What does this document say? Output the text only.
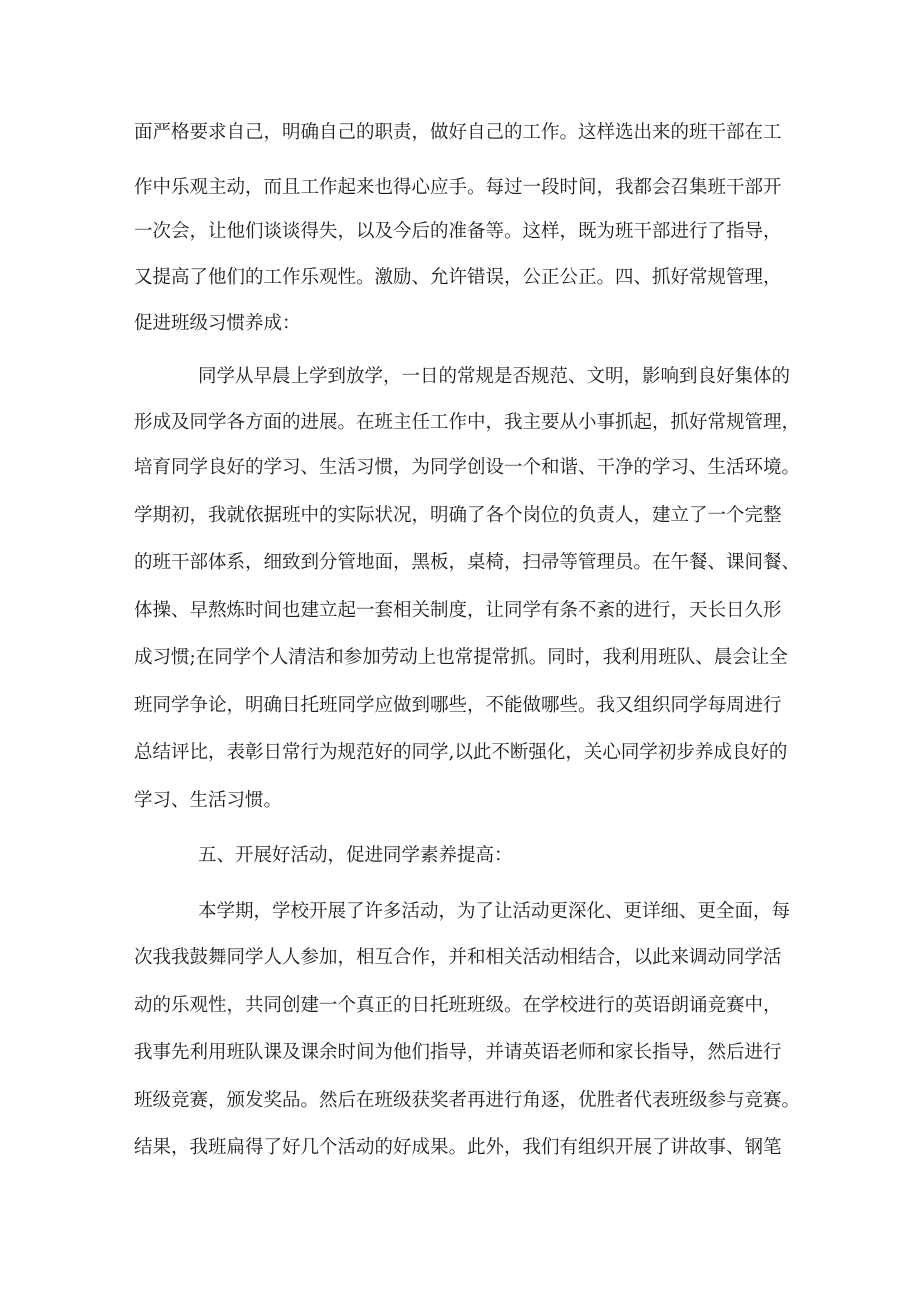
面严格要求自己，明确自己的职责，做好自己的工作。这样选出来的班干部在工
作中乐观主动，而且工作起来也得心应手。每过一段时间，我都会召集班干部开
一次会，让他们谈谈得失，以及今后的准备等。这样，既为班干部进行了指导，
又提高了他们的工作乐观性。激励、允许错误，公正公正。四、抓好常规管理，
促进班级习惯养成：
同学从早晨上学到放学，一日的常规是否规范、文明，影响到良好集体的
形成及同学各方面的进展。在班主任工作中，我主要从小事抓起，抓好常规管理，
培育同学良好的学习、生活习惯，为同学创设一个和谐、干净的学习、生活环境。
学期初，我就依据班中的实际状况，明确了各个岗位的负责人，建立了一个完整
的班干部体系，细致到分管地面，黑板，桌椅，扫帚等管理员。在午餐、课间餐、
体操、早熬炼时间也建立起一套相关制度，让同学有条不紊的进行，天长日久形
成习惯;在同学个人清洁和参加劳动上也常提常抓。同时，我利用班队、晨会让全
班同学争论，明确日托班同学应做到哪些，不能做哪些。我又组织同学每周进行
总结评比，表彰日常行为规范好的同学,以此不断强化，关心同学初步养成良好的
学习、生活习惯。
五、开展好活动，促进同学素养提高：
本学期，学校开展了许多活动，为了让活动更深化、更详细、更全面，每
次我我鼓舞同学人人参加，相互合作，并和相关活动相结合，以此来调动同学活
动的乐观性，共同创建一个真正的日托班班级。在学校进行的英语朗诵竞赛中，
我事先利用班队课及课余时间为他们指导，并请英语老师和家长指导，然后进行
班级竞赛，颁发奖品。然后在班级获奖者再进行角逐，优胜者代表班级参与竞赛。
结果，我班扁得了好几个活动的好成果。此外，我们有组织开展了讲故事、钢笔
